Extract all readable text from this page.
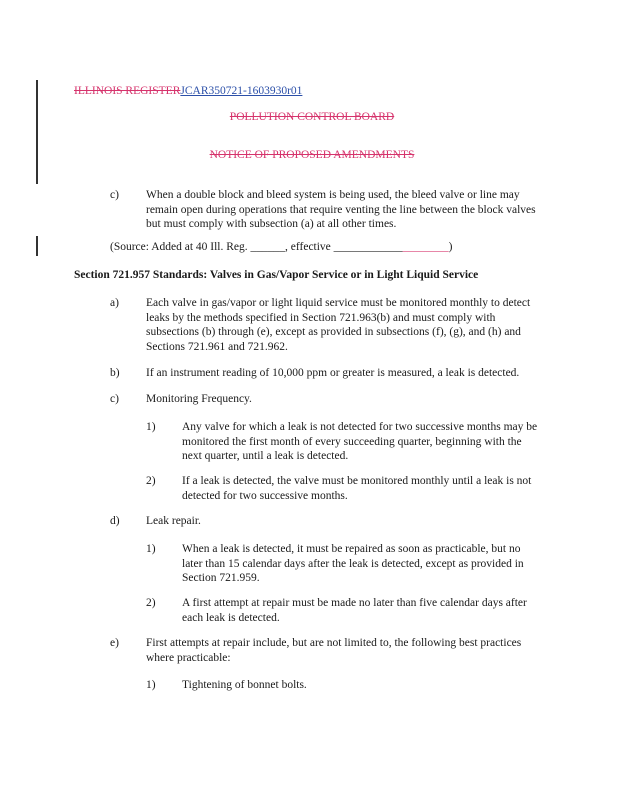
ILLINOIS REGISTERJCAR350721-1603930r01
POLLUTION CONTROL BOARD
NOTICE OF PROPOSED AMENDMENTS
c) When a double block and bleed system is being used, the bleed valve or line may remain open during operations that require venting the line between the block valves but must comply with subsection (a) at all other times.
(Source: Added at 40 Ill. Reg. ______, effective ____________________)
Section 721.957 Standards: Valves in Gas/Vapor Service or in Light Liquid Service
a) Each valve in gas/vapor or light liquid service must be monitored monthly to detect leaks by the methods specified in Section 721.963(b) and must comply with subsections (b) through (e), except as provided in subsections (f), (g), and (h) and Sections 721.961 and 721.962.
b) If an instrument reading of 10,000 ppm or greater is measured, a leak is detected.
c) Monitoring Frequency.
1) Any valve for which a leak is not detected for two successive months may be monitored the first month of every succeeding quarter, beginning with the next quarter, until a leak is detected.
2) If a leak is detected, the valve must be monitored monthly until a leak is not detected for two successive months.
d) Leak repair.
1) When a leak is detected, it must be repaired as soon as practicable, but no later than 15 calendar days after the leak is detected, except as provided in Section 721.959.
2) A first attempt at repair must be made no later than five calendar days after each leak is detected.
e) First attempts at repair include, but are not limited to, the following best practices where practicable:
1) Tightening of bonnet bolts.
